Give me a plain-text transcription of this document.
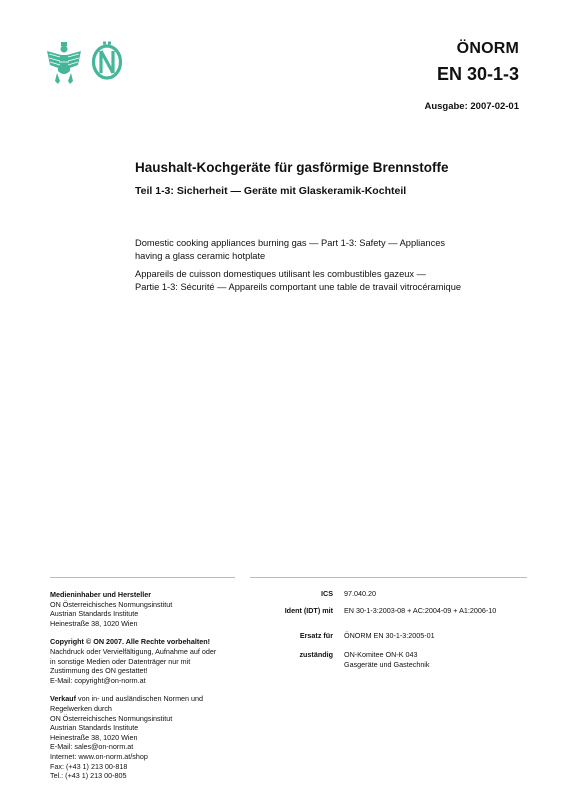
ÖNORM
EN 30-1-3
Ausgabe: 2007-02-01
Haushalt-Kochgeräte für gasförmige Brennstoffe
Teil 1-3: Sicherheit — Geräte mit Glaskeramik-Kochteil
Domestic cooking appliances burning gas — Part 1-3: Safety — Appliances
having a glass ceramic hotplate
Appareils de cuisson domestiques utilisant les combustibles gazeux —
Partie 1-3: Sécurité — Appareils comportant une table de travail vitrocéramique
Medieninhaber und Hersteller
ON Österreichisches Normungsinstitut
Austrian Standards Institute
Heinestraße 38, 1020 Wien
Copyright © ON 2007. Alle Rechte vorbehalten!
Nachdruck oder Vervielfältigung, Aufnahme auf oder
in sonstige Medien oder Datenträger nur mit
Zustimmung des ON gestattet!
E-Mail: copyright@on-norm.at
Verkauf von in- und ausländischen Normen und
Regelwerken durch
ON Österreichisches Normungsinstitut
Austrian Standards Institute
Heinestraße 38, 1020 Wien
E-Mail: sales@on-norm.at
Internet: www.on-norm.at/shop
Fax: (+43 1) 213 00-818
Tel.: (+43 1) 213 00-805
ICS 97.040.20
Ident (IDT) mit EN 30-1-3:2003-08 + AC:2004-09 + A1:2006-10
Ersatz für ÖNORM EN 30-1-3:2005-01
zuständig ON-Komitee ON-K 043
Gasgeräte und Gastechnik
